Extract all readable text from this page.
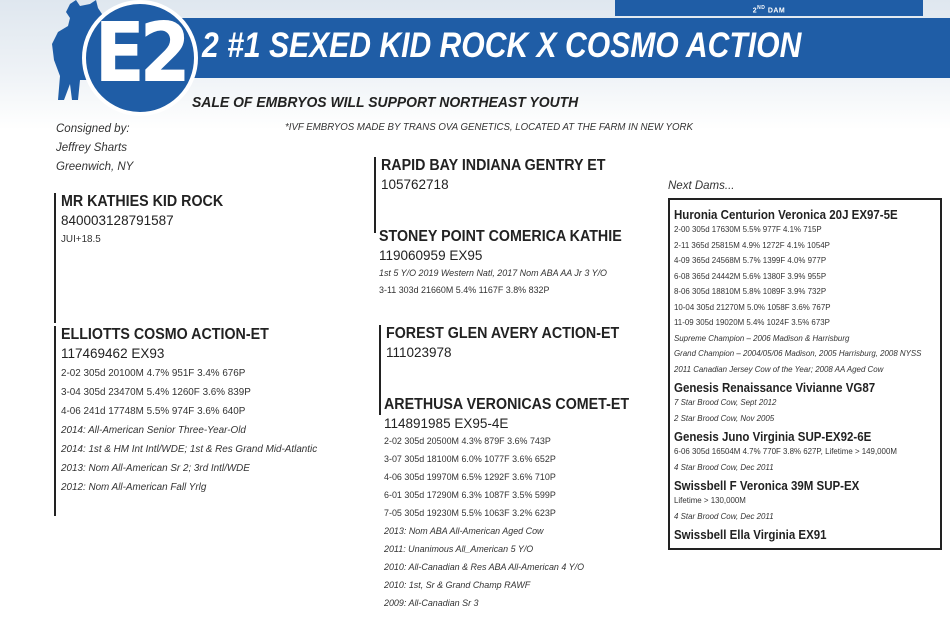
2ND DAM
E2 2 #1 SEXED KID ROCK X COSMO ACTION
SALE OF EMBRYOS WILL SUPPORT NORTHEAST YOUTH
Consigned by:
Jeffrey Sharts
Greenwich, NY
*IVF EMBRYOS MADE BY TRANS OVA GENETICS, LOCATED AT THE FARM IN NEW YORK
MR KATHIES KID ROCK
840003128791587
JUI+18.5
ELLIOTTS COSMO ACTION-ET
117469462 EX93
2-02 305d 20100M 4.7% 951F 3.4% 676P
3-04 305d 23470M 5.4% 1260F 3.6% 839P
4-06 241d 17748M 5.5% 974F 3.6% 640P
2014: All-American Senior Three-Year-Old
2014: 1st & HM Int Intl/WDE; 1st & Res Grand Mid-Atlantic
2013: Nom All-American Sr 2; 3rd Intl/WDE
2012: Nom All-American Fall Yrlg
RAPID BAY INDIANA GENTRY ET
105762718
STONEY POINT COMERICA KATHIE
119060959 EX95
1st 5 Y/O 2019 Western Natl, 2017 Nom ABA AA Jr 3 Y/O
3-11 303d 21660M 5.4% 1167F 3.8% 832P
FOREST GLEN AVERY ACTION-ET
111023978
ARETHUSA VERONICAS COMET-ET
114891985 EX95-4E
2-02 305d 20500M 4.3% 879F 3.6% 743P
3-07 305d 18100M 6.0% 1077F 3.6% 652P
4-06 305d 19970M 6.5% 1292F 3.6% 710P
6-01 305d 17290M 6.3% 1087F 3.5% 599P
7-05 305d 19230M 5.5% 1063F 3.2% 623P
2013: Nom ABA All-American Aged Cow
2011: Unanimous All_American 5 Y/O
2010: All-Canadian & Res ABA All-American 4 Y/O
2010: 1st, Sr & Grand Champ RAWF
2009: All-Canadian Sr 3
Next Dams...
Huronia Centurion Veronica 20J EX97-5E
2-00 305d 17630M 5.5% 977F 4.1% 715P
2-11 365d 25815M 4.9% 1272F 4.1% 1054P
4-09 365d 24568M 5.7% 1399F 4.0% 977P
6-08 365d 24442M 5.6% 1380F 3.9% 955P
8-06 305d 18810M 5.8% 1089F 3.9% 732P
10-04 305d 21270M 5.0% 1058F 3.6% 767P
11-09 305d 19020M 5.4% 1024F 3.5% 673P
Supreme Champion – 2006 Madison & Harrisburg
Grand Champion – 2004/05/06 Madison, 2005 Harrisburg, 2008 NYSS
2011 Canadian Jersey Cow of the Year; 2008 AA Aged Cow
Genesis Renaissance Vivianne VG87
7 Star Brood Cow, Sept 2012
2 Star Brood Cow, Nov 2005
Genesis Juno Virginia SUP-EX92-6E
6-06 305d 16504M 4.7% 770F 3.8% 627P, Lifetime > 149,000M
4 Star Brood Cow, Dec 2011
Swissbell F Veronica 39M SUP-EX
Lifetime > 130,000M
4 Star Brood Cow, Dec 2011
Swissbell Ella Virginia EX91
